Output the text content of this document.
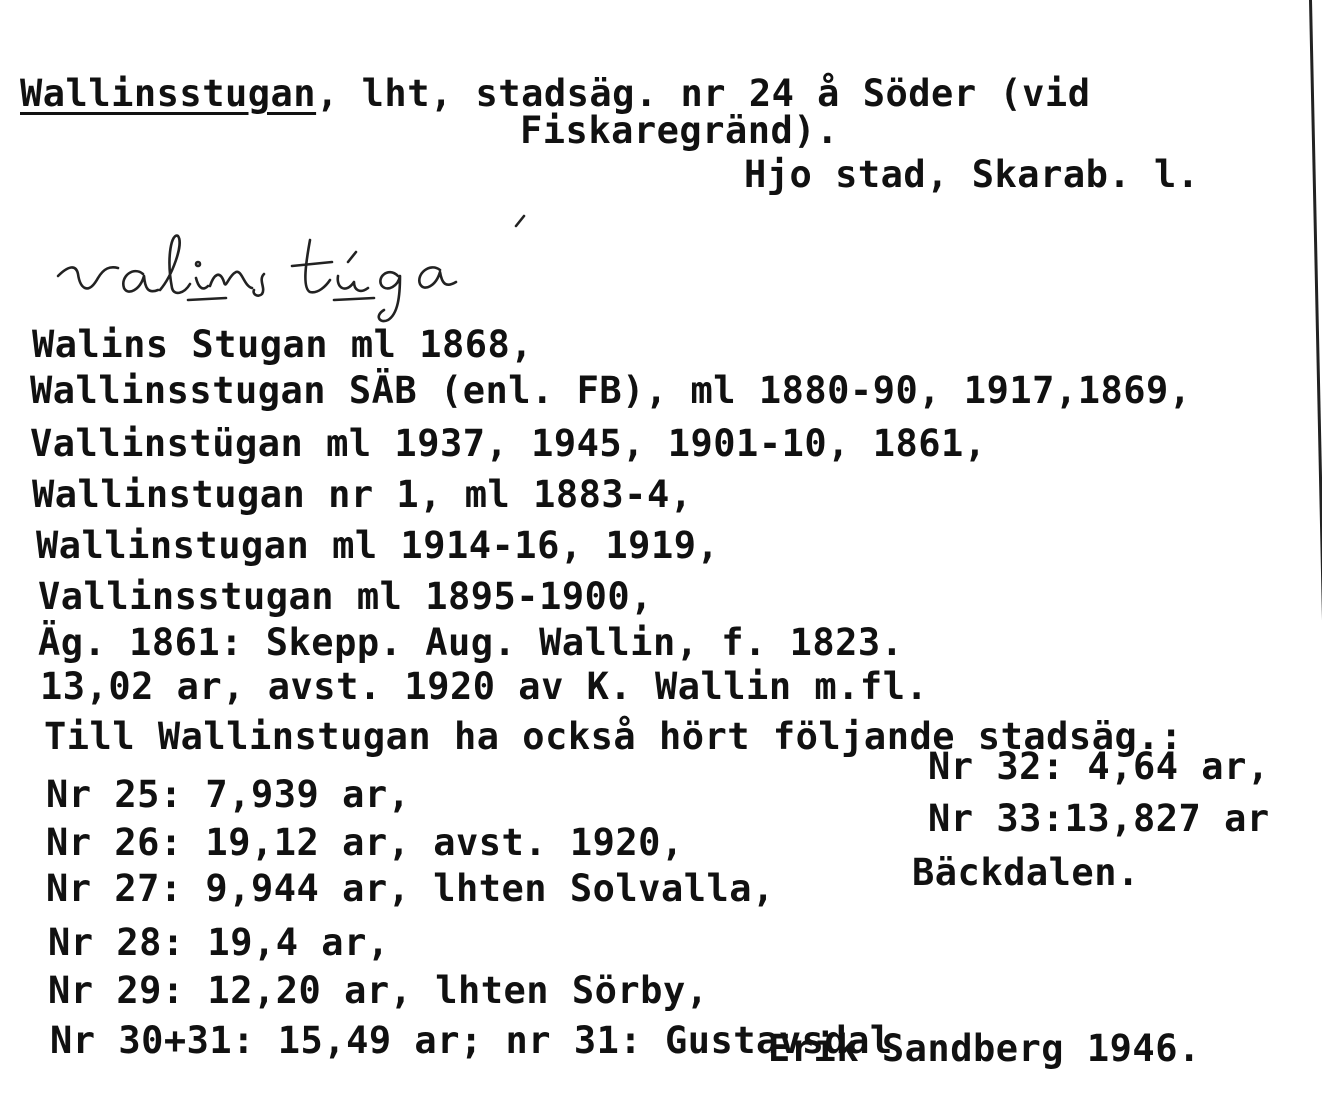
Wallinsstugan, lht, stadsäg. nr 24 å Söder (vid
Fiskaregränd).
Hjo stad, Skarab. l.
valinstúga
Walins Stugan ml 1868,
Wallinsstugan SÄB (enl. FB), ml 1880-90, 1917,1869,
Vallinstügan ml 1937, 1945, 1901-10, 1861,
Wallinstugan nr 1, ml 1883-4,
Wallinstugan ml 1914-16, 1919,
Vallinsstugan ml 1895-1900,
Äg. 1861: Skepp. Aug. Wallin, f. 1823.
13,02 ar, avst. 1920 av K. Wallin m.fl.
Till Wallinstugan ha också hört följande stadsäg.:
Nr 25: 7,939 ar,
Nr 26: 19,12 ar, avst. 1920,
Nr 27: 9,944 ar, lhten Solvalla,
Nr 28: 19,4 ar,
Nr 29: 12,20 ar, lhten Sörby,
Nr 30+31: 15,49 ar; nr 31: Gustavsdal
Nr 32: 4,64 ar,
Nr 33:13,827 ar
Bäckdalen.
Erik Sandberg 1946.
